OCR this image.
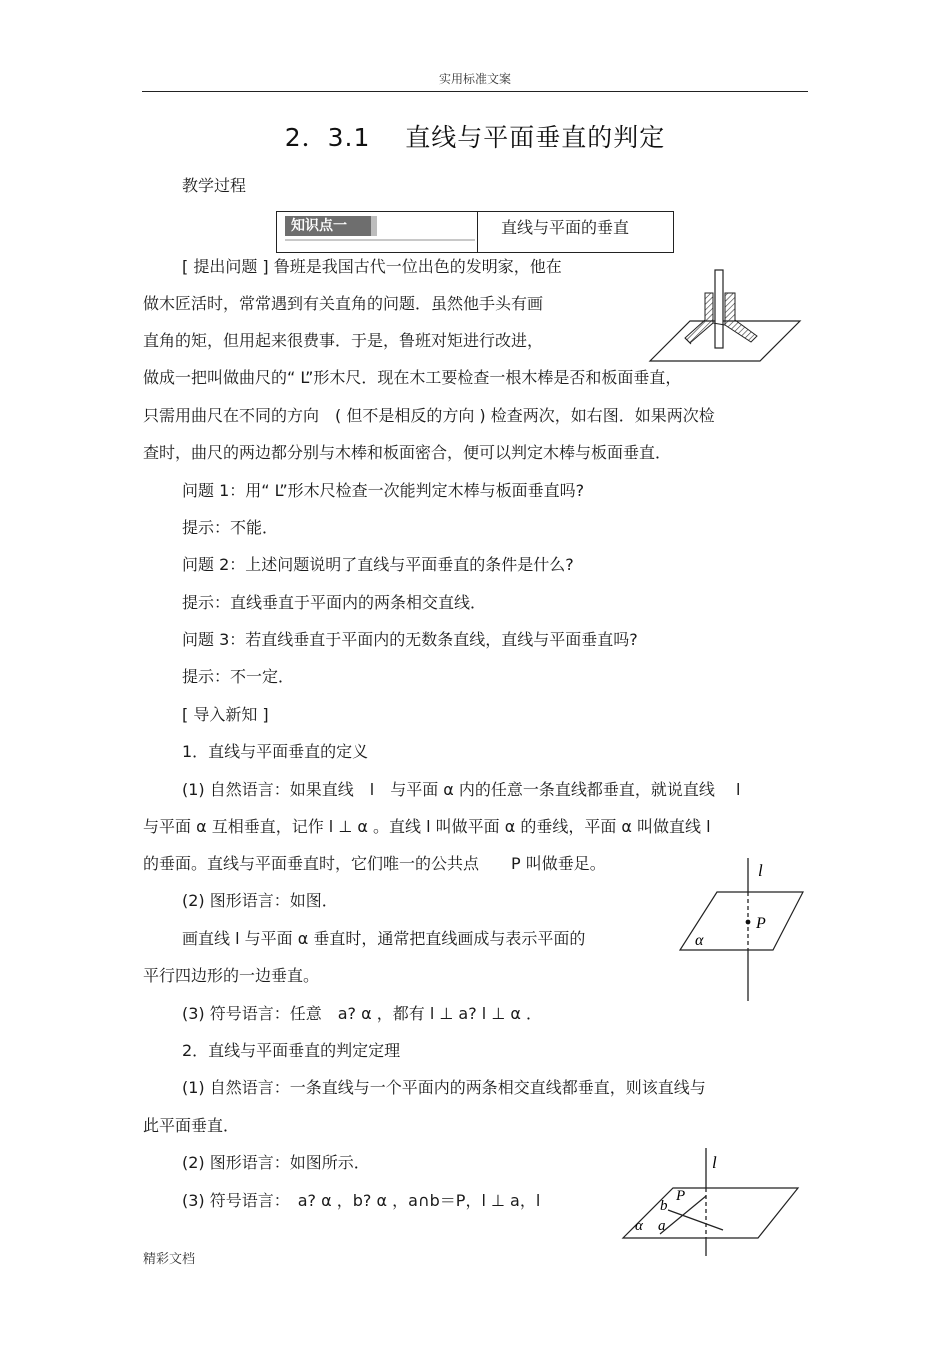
实用标准文案
2．3.1　 直线与平面垂直的判定
教学过程
知识点一	直线与平面的垂直
[ 提出问题 ] 鲁班是我国古代一位出色的发明家，他在
做木匠活时，常常遇到有关直角的问题．虽然他手头有画
直角的矩，但用起来很费事．于是，鲁班对矩进行改进，
做成一把叫做曲尺的“ L”形木尺．现在木工要检查一根木棒是否和板面垂直，
只需用曲尺在不同的方向　( 但不是相反的方向 ) 检查两次，如右图．如果两次检
查时，曲尺的两边都分别与木棒和板面密合，便可以判定木棒与板面垂直．
问题 1：用“ L”形木尺检查一次能判定木棒与板面垂直吗?
提示：不能．
问题 2：上述问题说明了直线与平面垂直的条件是什么?
提示：直线垂直于平面内的两条相交直线．
问题 3：若直线垂直于平面内的无数条直线，直线与平面垂直吗?
提示：不一定．
[ 导入新知 ]
1．直线与平面垂直的定义
(1) 自然语言：如果直线　l　与平面 α 内的任意一条直线都垂直，就说直线　 l
与平面 α 互相垂直，记作 l ⊥ α 。直线 l 叫做平面 α 的垂线，平面 α 叫做直线 l
的垂面。直线与平面垂直时，它们唯一的公共点　　P 叫做垂足。
(2) 图形语言：如图．
画直线 l 与平面 α 垂直时，通常把直线画成与表示平面的
平行四边形的一边垂直。
(3) 符号语言：任意　a? α ，都有 l ⊥ a? l ⊥ α ．
2．直线与平面垂直的判定定理
(1) 自然语言：一条直线与一个平面内的两条相交直线都垂直，则该直线与
此平面垂直．
(2) 图形语言：如图所示．
(3) 符号语言：　a? α ，b? α ，a∩b＝P，l ⊥ a，l
l
P
α
l
P
b
a
α
精彩文档
